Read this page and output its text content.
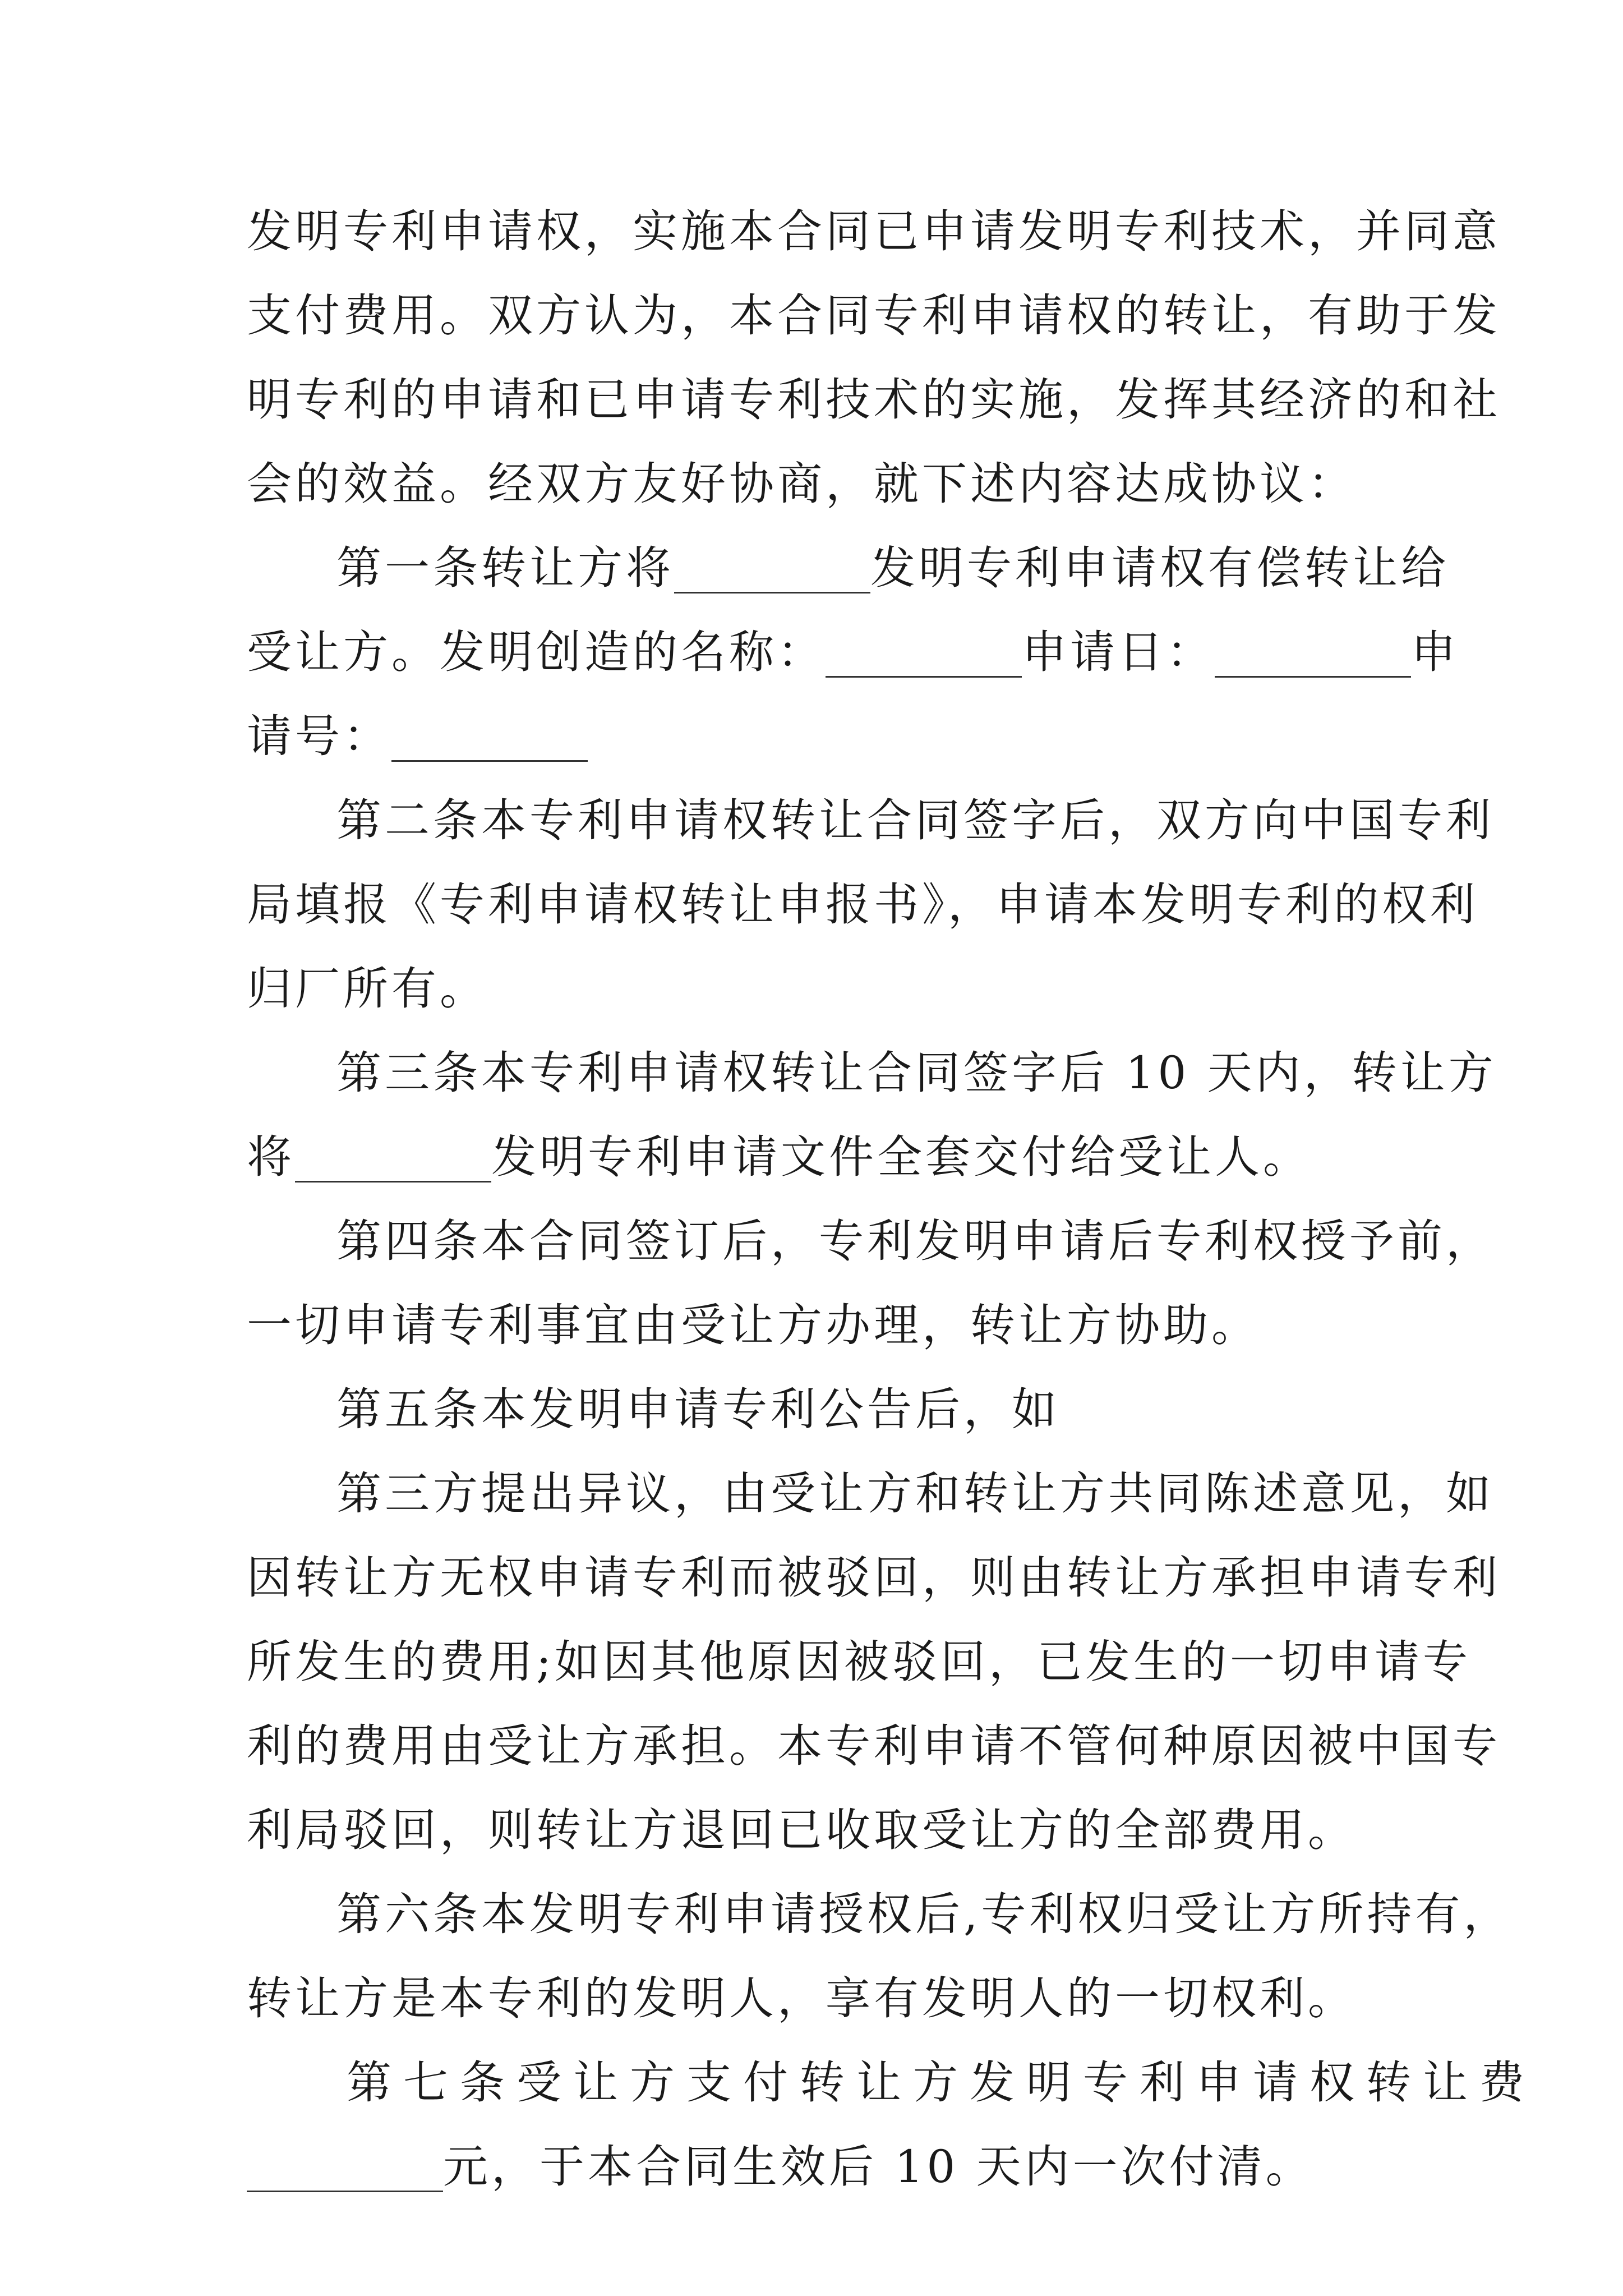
发明专利申请权，实施本合同已申请发明专利技术，并同意
支付费用。双方认为，本合同专利申请权的转让，有助于发
明专利的申请和已申请专利技术的实施，发挥其经济的和社
会的效益。经双方友好协商，就下述内容达成协议：
第一条转让方将	发明专利申请权有偿转让给
受让方。发明创造的名称：	申请日：	申
请号：
第二条本专利申请权转让合同签字后，双方向中国专利
局填报《专利申请权转让申报书》，申请本发明专利的权利
归厂所有。
第三条本专利申请权转让合同签字后 10 天内，转让方
将	发明专利申请文件全套交付给受让人。
第四条本合同签订后，专利发明申请后专利权授予前，
一切申请专利事宜由受让方办理，转让方协助。
第五条本发明申请专利公告后，如
第三方提出异议，由受让方和转让方共同陈述意见，如
因转让方无权申请专利而被驳回，则由转让方承担申请专利
所发生的费用;如因其他原因被驳回，已发生的一切申请专
利的费用由受让方承担。本专利申请不管何种原因被中国专
利局驳回，则转让方退回已收取受让方的全部费用。
第六条本发明专利申请授权后,专利权归受让方所持有，
转让方是本专利的发明人，享有发明人的一切权利。
第七条受让方支付转让方发明专利申请权转让费
元，于本合同生效后 10 天内一次付清。
